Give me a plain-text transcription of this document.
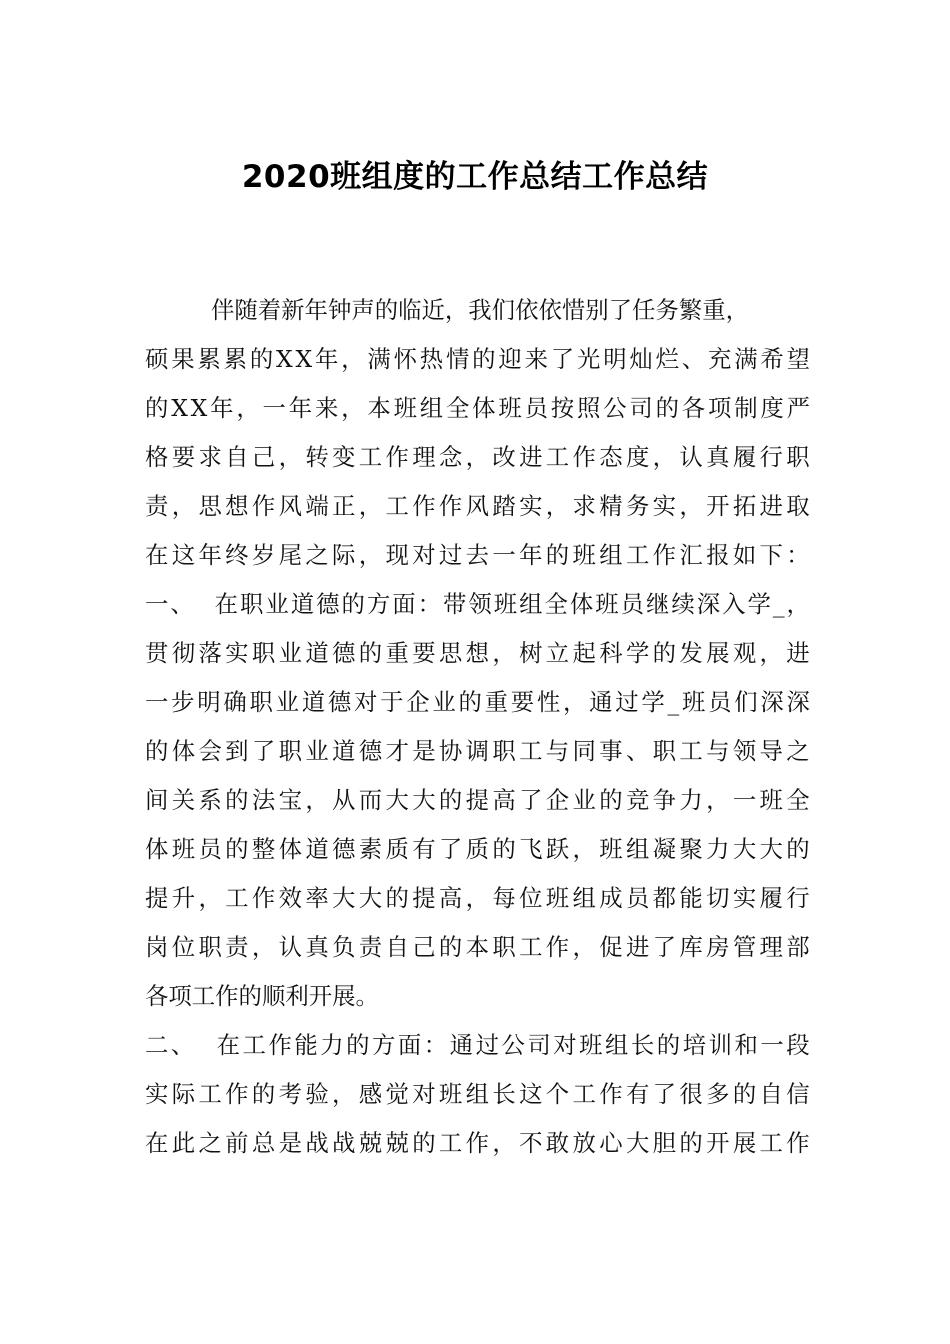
2020班组度的工作总结工作总结
伴随着新年钟声的临近，我们依依惜别了任务繁重，
硕 果 累 累 的 X X 年 ， 满 怀 热 情 的 迎 来 了 光 明 灿 烂 、 充 满 希 望
的 X X 年 ， 一 年 来 ， 本 班 组 全 体 班 员 按 照 公 司 的 各 项 制 度 严
格 要 求 自 己 ， 转 变 工 作 理 念 ， 改 进 工 作 态 度 ， 认 真 履 行 职
责 ， 思 想 作 风 端 正 ， 工 作 作 风 踏 实 ， 求 精 务 实 ， 开 拓 进 取
在 这 年 终 岁 尾 之 际 ， 现 对 过 去 一 年 的 班 组 工 作 汇 报 如 下 ：
一 、

在 职 业 道 德 的 方 面 ： 带 领 班 组 全 体 班 员 继 续 深 入 学 _ ，
贯 彻 落 实 职 业 道 德 的 重 要 思 想 ， 树 立 起 科 学 的 发 展 观 ， 进
一 步 明 确 职 业 道 德 对 于 企 业 的 重 要 性 ， 通 过 学 _ 班 员 们 深 深
的 体 会 到 了 职 业 道 德 才 是 协 调 职 工 与 同 事 、 职 工 与 领 导 之
间 关 系 的 法 宝 ， 从 而 大 大 的 提 高 了 企 业 的 竞 争 力 ， 一 班 全
体 班 员 的 整 体 道 德 素 质 有 了 质 的 飞 跃 ， 班 组 凝 聚 力 大 大 的
提 升 ， 工 作 效 率 大 大 的 提 高 ， 每 位 班 组 成 员 都 能 切 实 履 行
岗 位 职 责 ， 认 真 负 责 自 己 的 本 职 工 作 ， 促 进 了 库 房 管 理 部
各项工作的顺利开展。
二 、

在 工 作 能 力 的 方 面 ： 通 过 公 司 对 班 组 长 的 培 训 和 一 段
实 际 工 作 的 考 验 ， 感 觉 对 班 组 长 这 个 工 作 有 了 很 多 的 自 信
在 此 之 前 总 是 战 战 兢 兢 的 工 作 ， 不 敢 放 心 大 胆 的 开 展 工 作
